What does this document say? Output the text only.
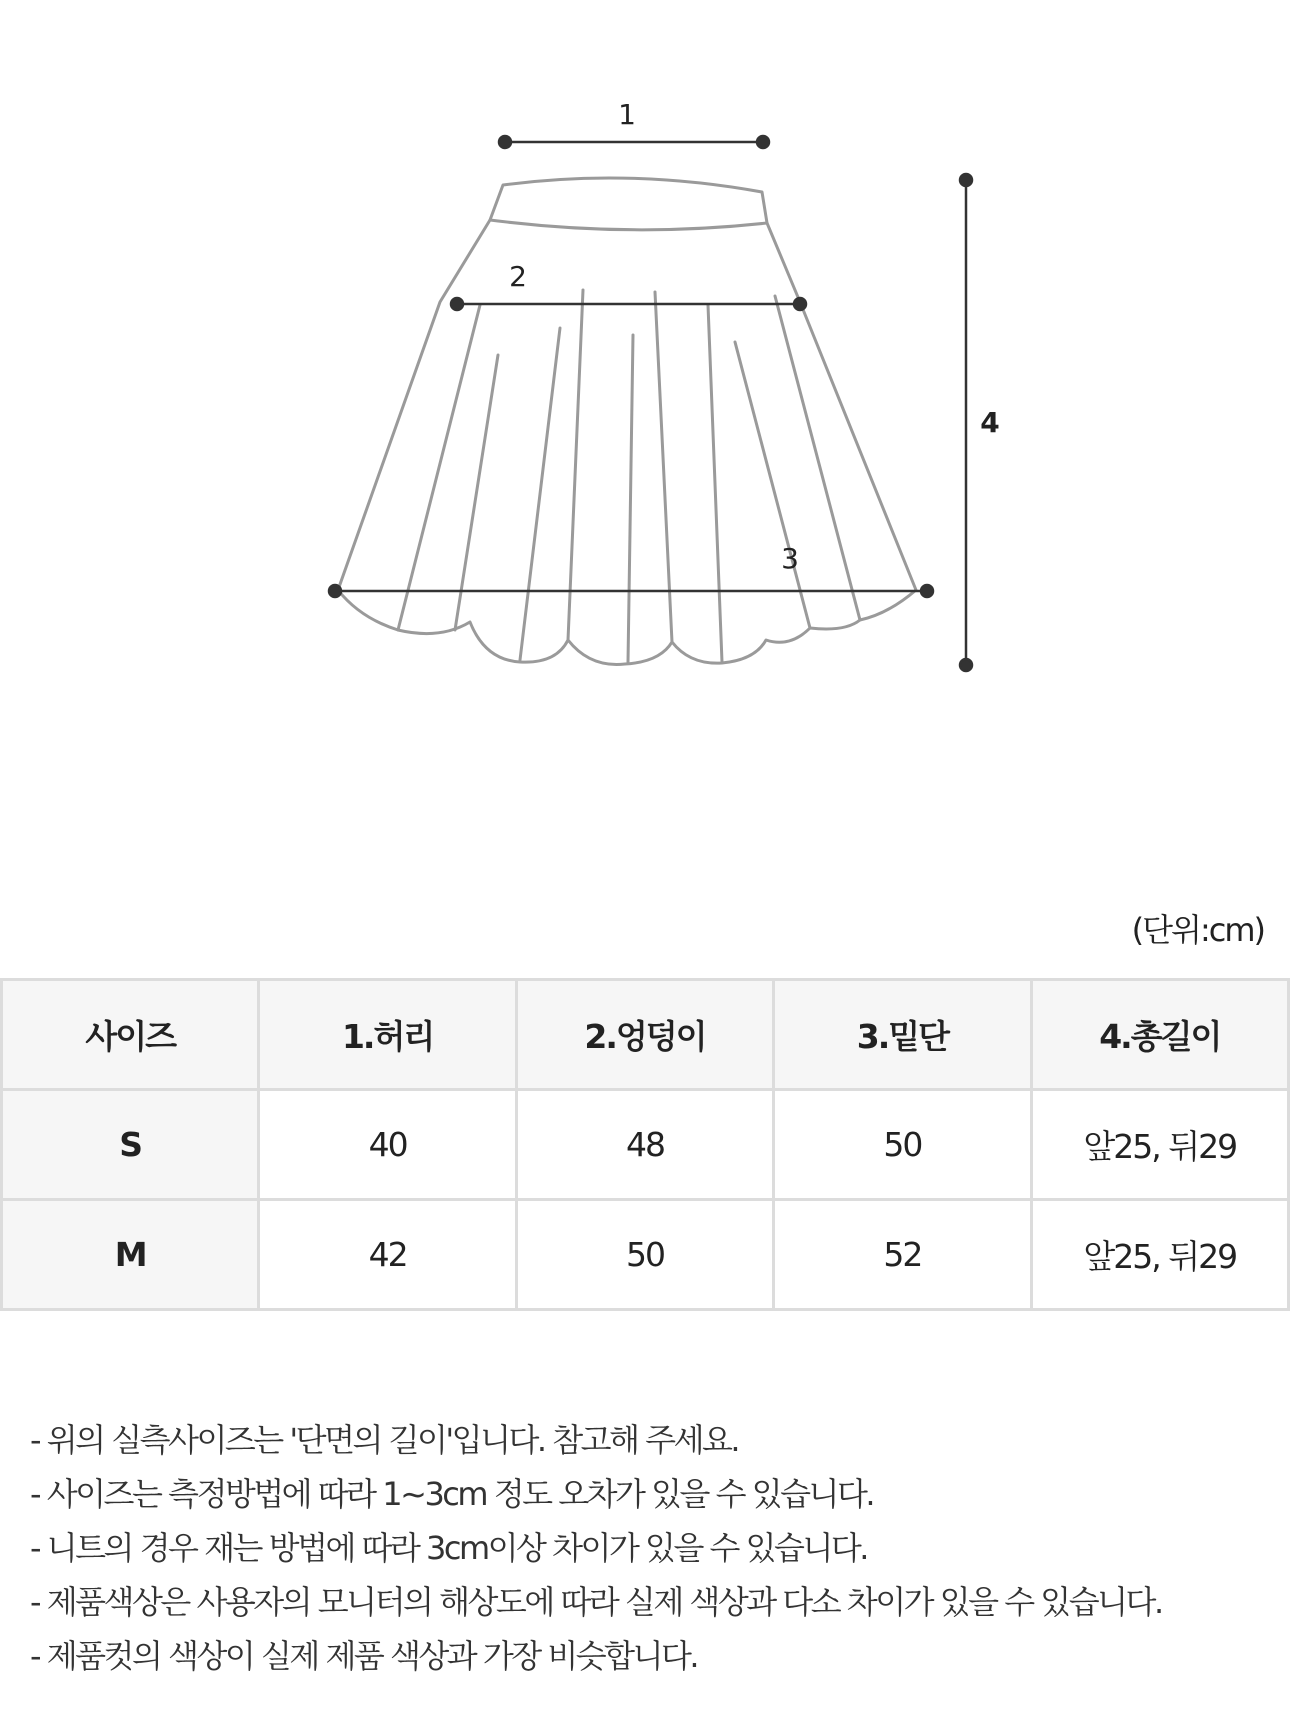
1
2
3
4
(단위:cm)
사이즈	1.허리	2.엉덩이	3.밑단	4.총길이
S	40	48	50	앞25, 뒤29
M	42	50	52	앞25, 뒤29
- 위의 실측사이즈는 '단면의 길이'입니다. 참고해 주세요.
- 사이즈는 측정방법에 따라 1~3cm 정도 오차가 있을 수 있습니다.
- 니트의 경우 재는 방법에 따라 3cm이상 차이가 있을 수 있습니다.
- 제품색상은 사용자의 모니터의 해상도에 따라 실제 색상과 다소 차이가 있을 수 있습니다.
- 제품컷의 색상이 실제 제품 색상과 가장 비슷합니다.
